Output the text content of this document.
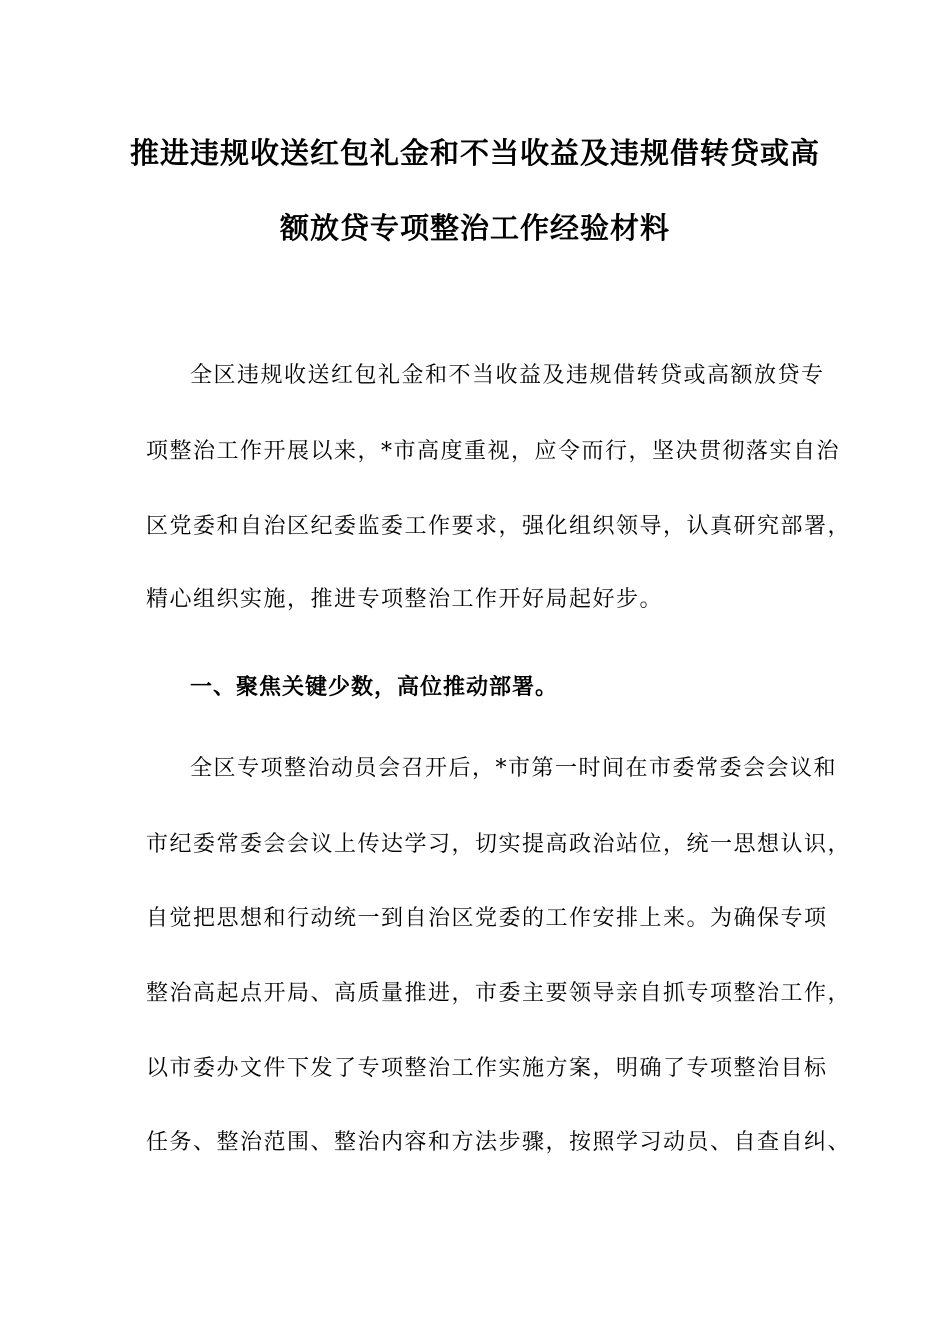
推进违规收送红包礼金和不当收益及违规借转贷或高
额放贷专项整治工作经验材料
全区违规收送红包礼金和不当收益及违规借转贷或高额放贷专
项整治工作开展以来，*市高度重视，应令而行，坚决贯彻落实自治
区党委和自治区纪委监委工作要求，强化组织领导，认真研究部署，
精心组织实施，推进专项整治工作开好局起好步。
一、聚焦关键少数，高位推动部署。
全区专项整治动员会召开后，*市第一时间在市委常委会会议和
市纪委常委会会议上传达学习，切实提高政治站位，统一思想认识，
自觉把思想和行动统一到自治区党委的工作安排上来。为确保专项
整治高起点开局、高质量推进，市委主要领导亲自抓专项整治工作，
以市委办文件下发了专项整治工作实施方案，明确了专项整治目标
任务、整治范围、整治内容和方法步骤，按照学习动员、自查自纠、
